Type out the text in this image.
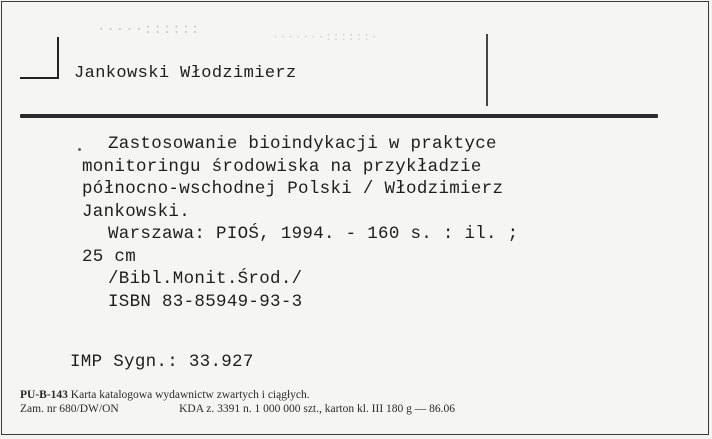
·····::::::	·······::::::·
Jankowski Włodzimierz
Zastosowanie bioindykacji w praktyce
monitoringu środowiska na przykładzie
północno-wschodnej Polski / Włodzimierz
Jankowski.
Warszawa: PIOŚ, 1994. - 160 s. : il. ;
25 cm
/Bibl.Monit.Środ./
ISBN 83-85949-93-3
IMP Sygn.: 33.927
PU-B-143 Karta katalogowa wydawnictw zwartych i ciągłych.
Zam. nr 680/DW/ON	KDA z. 3391 n. 1 000 000 szt., karton kl. III 180 g — 86.06
